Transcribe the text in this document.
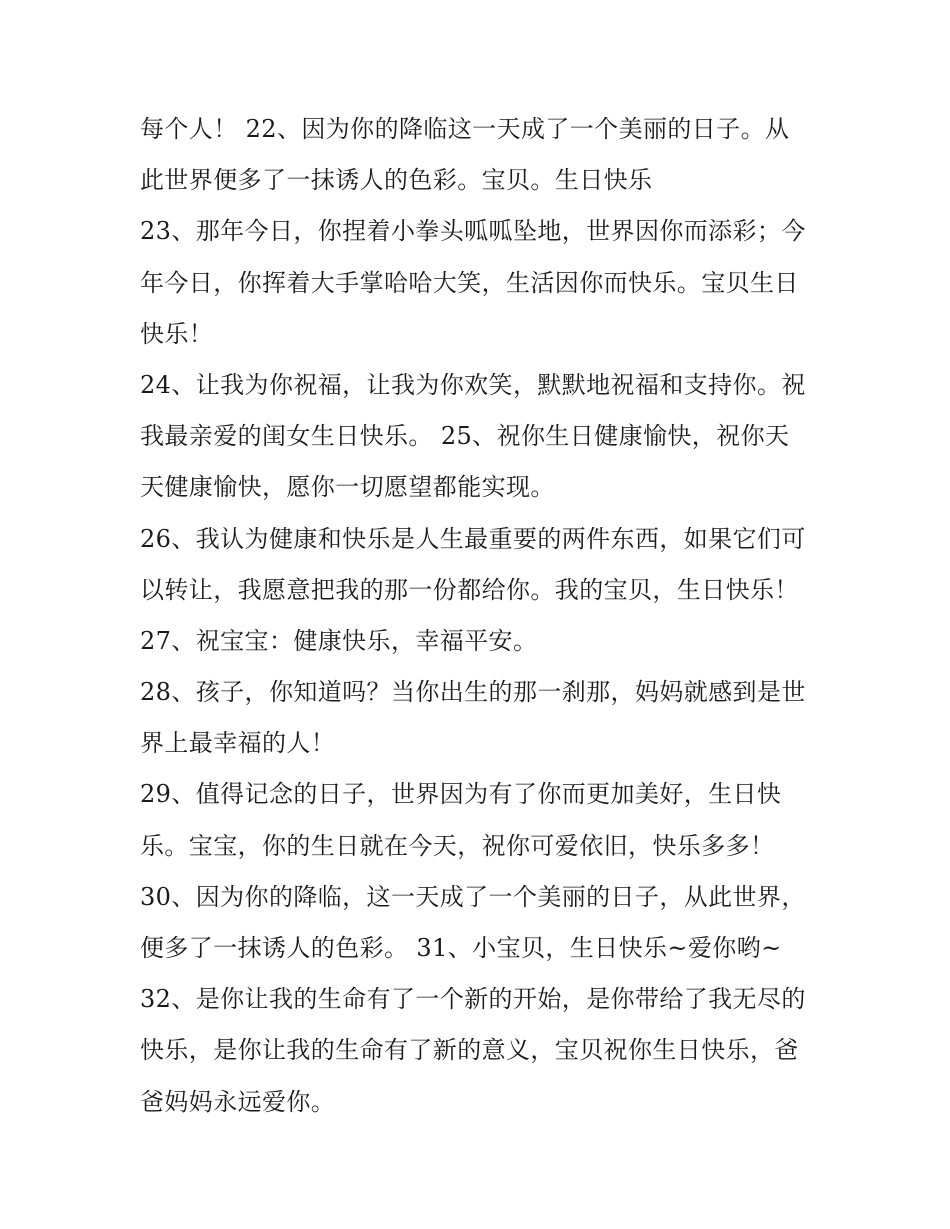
每个人！ 22、因为你的降临这一天成了一个美丽的日子。从
此世界便多了一抹诱人的色彩。宝贝。生日快乐
23、那年今日，你捏着小拳头呱呱坠地，世界因你而添彩；今
年今日，你挥着大手掌哈哈大笑，生活因你而快乐。宝贝生日
快乐！
24、让我为你祝福，让我为你欢笑，默默地祝福和支持你。祝
我最亲爱的闺女生日快乐。 25、祝你生日健康愉快，祝你天
天健康愉快，愿你一切愿望都能实现。
26、我认为健康和快乐是人生最重要的两件东西，如果它们可
以转让，我愿意把我的那一份都给你。我的宝贝，生日快乐！
27、祝宝宝：健康快乐，幸福平安。
28、孩子，你知道吗？当你出生的那一刹那，妈妈就感到是世
界上最幸福的人！
29、值得记念的日子，世界因为有了你而更加美好，生日快
乐。宝宝，你的生日就在今天，祝你可爱依旧，快乐多多！
30、因为你的降临，这一天成了一个美丽的日子，从此世界，
便多了一抹诱人的色彩。 31、小宝贝，生日快乐~爱你哟~
32、是你让我的生命有了一个新的开始，是你带给了我无尽的
快乐，是你让我的生命有了新的意义，宝贝祝你生日快乐，爸
爸妈妈永远爱你。
